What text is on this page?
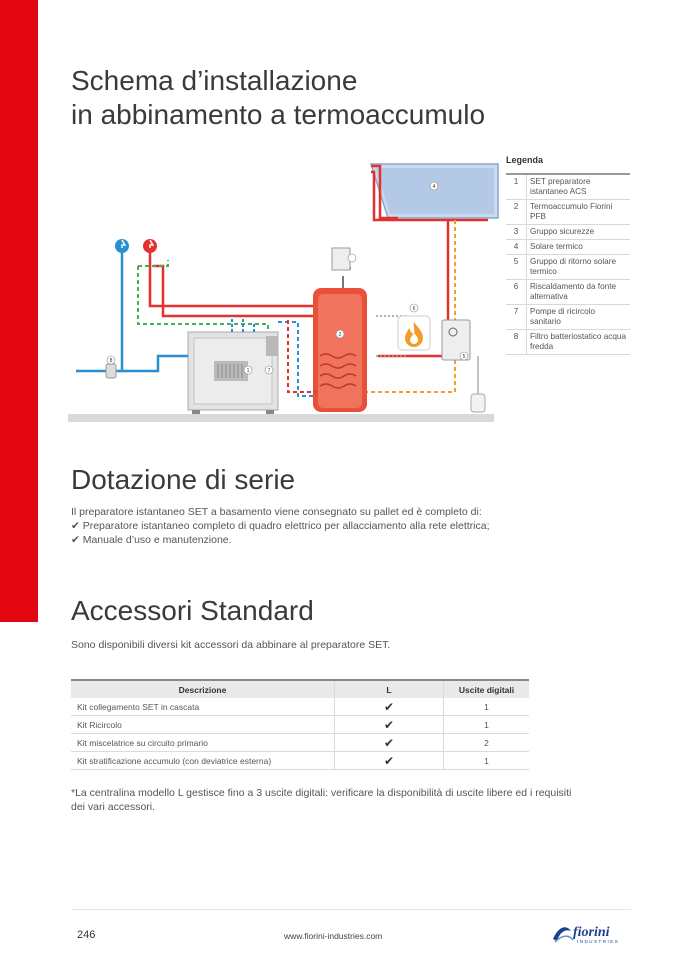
Schema d’installazione
in abbinamento a termoaccumulo
4
2
6
5
1	7
8
Legenda
1	SET preparatore istantaneo ACS
2	Termoaccumulo Fiorini PFB
3	Gruppo sicurezze
4	Solare termico
5	Gruppo di ritorno solare termico
6	Riscaldamento da fonte alternativa
7	Pompe di ricircolo sanitario
8	Filtro batteriostatico acqua fredda
Dotazione di serie

Il preparatore istantaneo SET a basamento viene consegnato su pallet ed è completo di:

✔ Preparatore istantaneo completo di quadro elettrico per allacciamento alla rete elettrica;

✔ Manuale d’uso e manutenzione.

Accessori Standard

Sono disponibili diversi kit accessori da abbinare al preparatore SET.

Descrizione	L	Uscite digitali
Kit collegamento SET in cascata	✔	1
Kit Ricircolo	✔	1
Kit miscelatrice su circuito primario	✔	2
Kit stratificazione accumulo (con deviatrice esterna)	✔	1

*La centralina modello L gestisce fino a 3 uscite digitali: verificare la disponibilità di uscite libere ed i requisiti

dei vari accessori.

246	www.fiorini-industries.com	fiorini
INDUSTRIES
